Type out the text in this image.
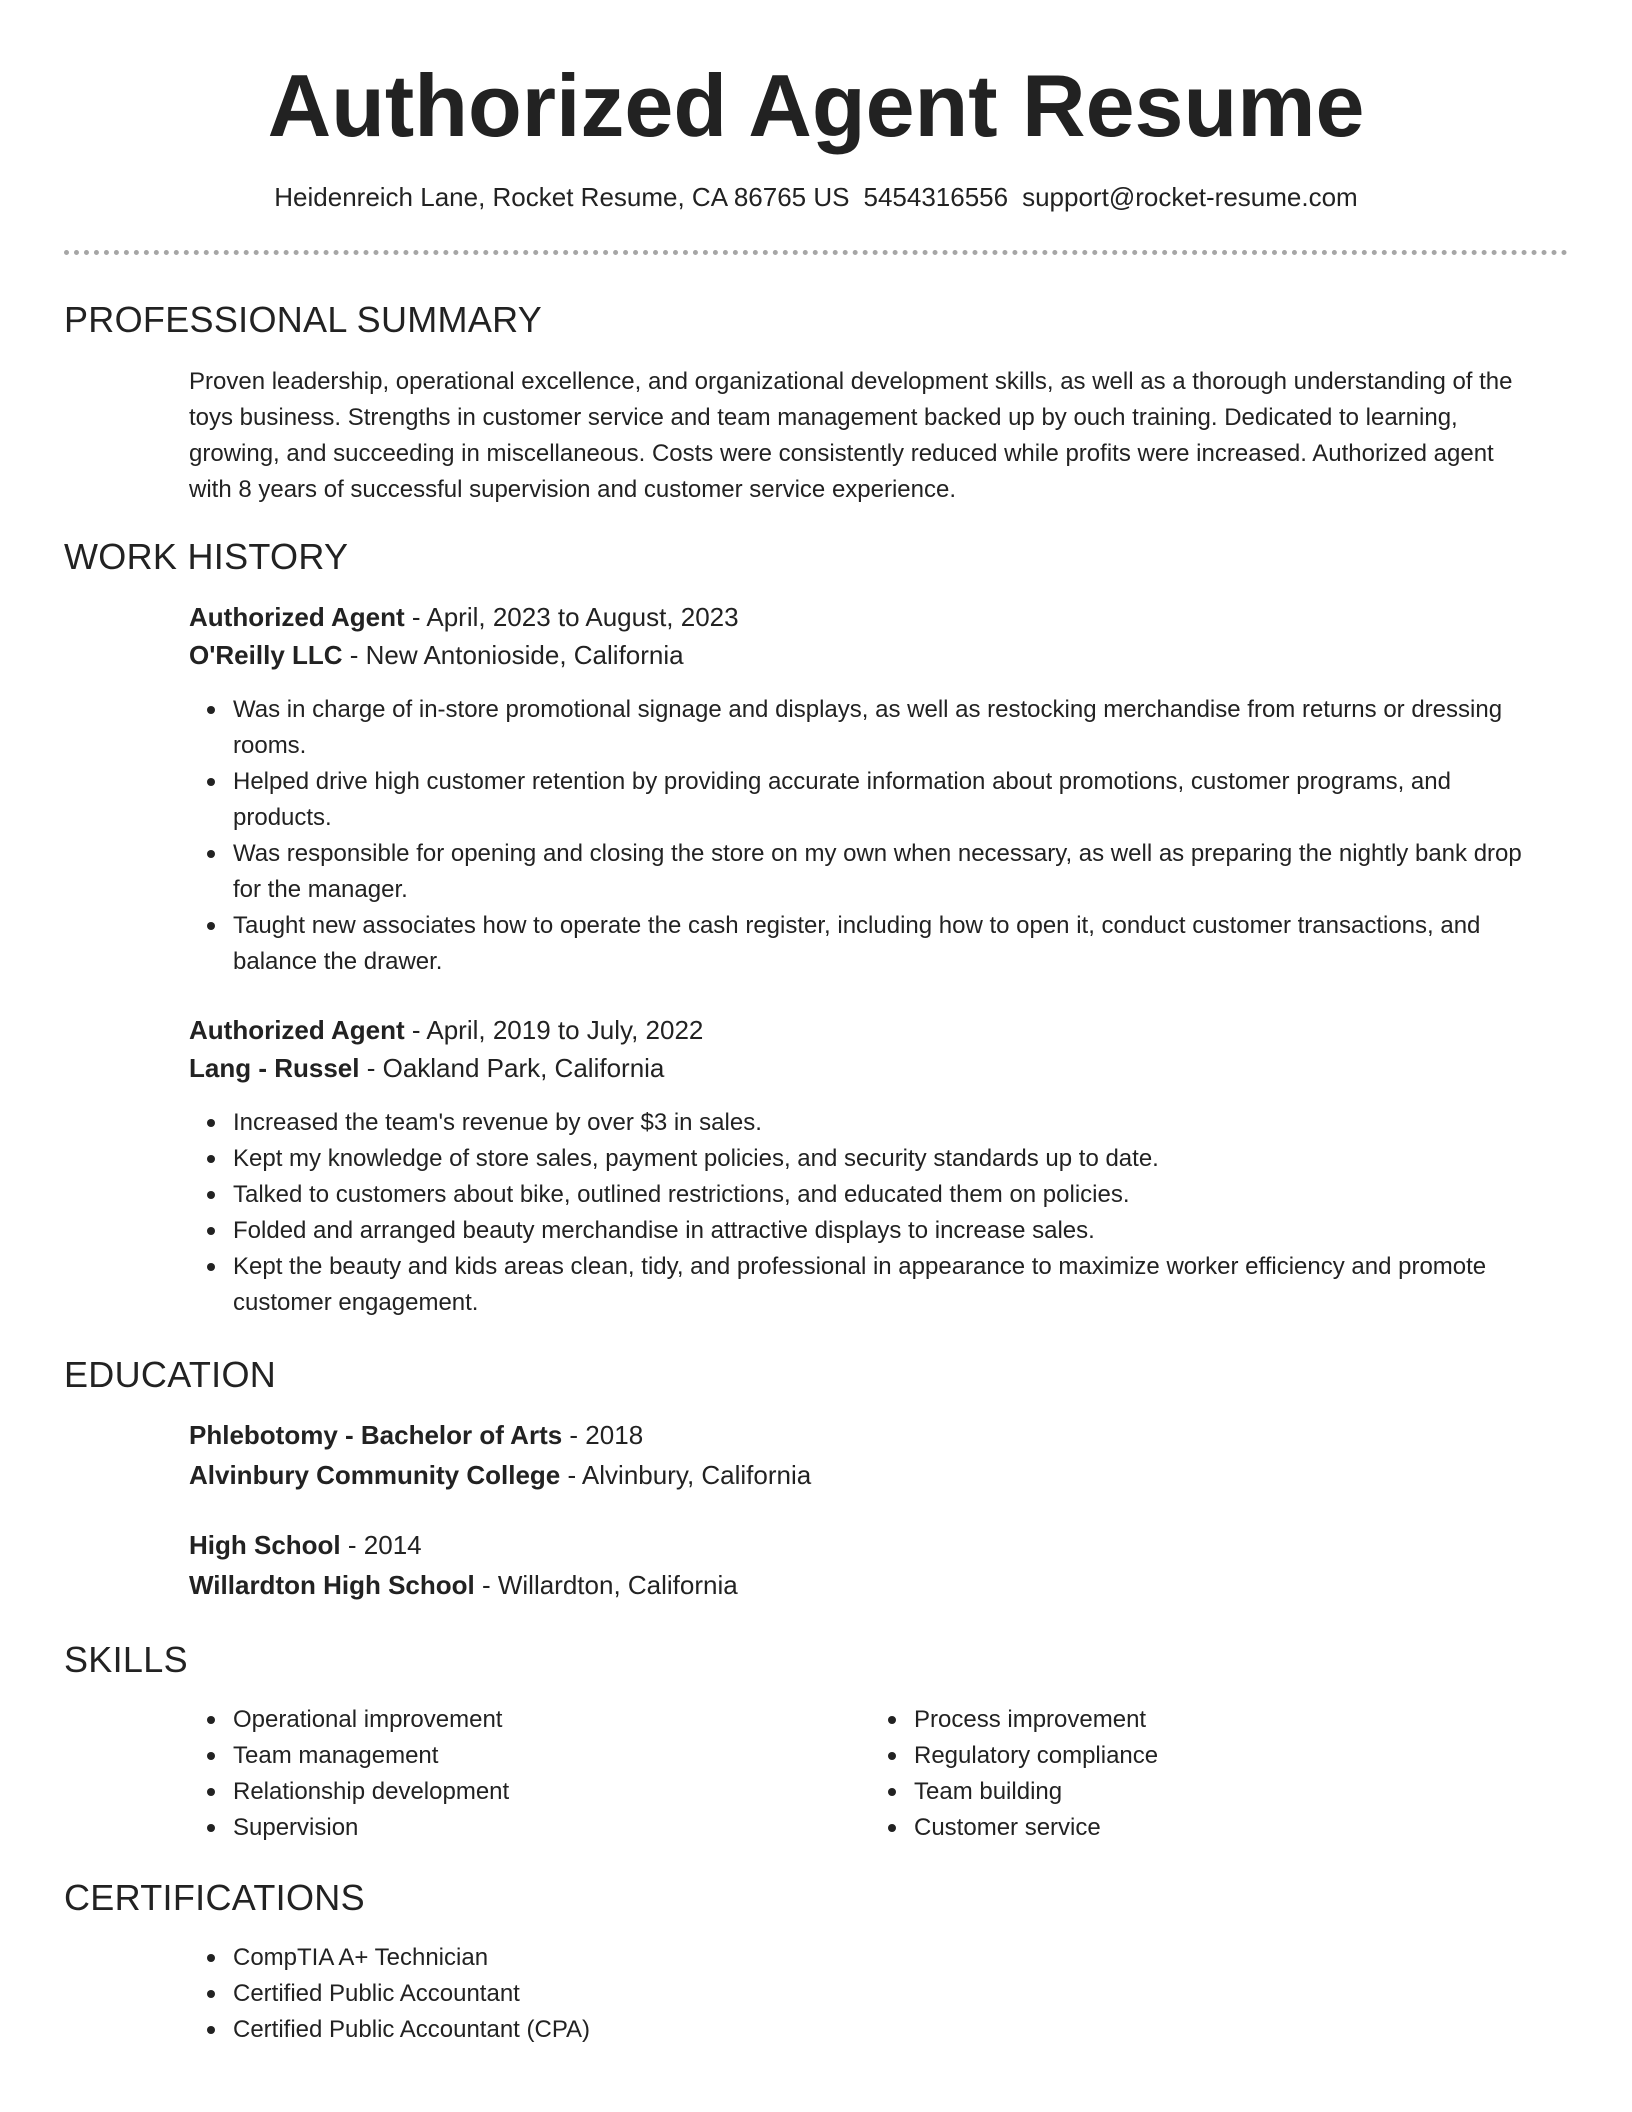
Authorized Agent Resume
Heidenreich Lane, Rocket Resume, CA 86765 US 5454316556 support@rocket-resume.com
PROFESSIONAL SUMMARY
Proven leadership, operational excellence, and organizational development skills, as well as a thorough understanding of the
toys business. Strengths in customer service and team management backed up by ouch training. Dedicated to learning,
growing, and succeeding in miscellaneous. Costs were consistently reduced while profits were increased. Authorized agent
with 8 years of successful supervision and customer service experience.
WORK HISTORY
Authorized Agent - April, 2023 to August, 2023
O'Reilly LLC - New Antonioside, California
Was in charge of in-store promotional signage and displays, as well as restocking merchandise from returns or dressing
rooms.
Helped drive high customer retention by providing accurate information about promotions, customer programs, and
products.
Was responsible for opening and closing the store on my own when necessary, as well as preparing the nightly bank drop
for the manager.
Taught new associates how to operate the cash register, including how to open it, conduct customer transactions, and
balance the drawer.
Authorized Agent - April, 2019 to July, 2022
Lang - Russel - Oakland Park, California
Increased the team's revenue by over $3 in sales.
Kept my knowledge of store sales, payment policies, and security standards up to date.
Talked to customers about bike, outlined restrictions, and educated them on policies.
Folded and arranged beauty merchandise in attractive displays to increase sales.
Kept the beauty and kids areas clean, tidy, and professional in appearance to maximize worker efficiency and promote
customer engagement.
EDUCATION
Phlebotomy - Bachelor of Arts - 2018
Alvinbury Community College - Alvinbury, California
High School - 2014
Willardton High School - Willardton, California
SKILLS
Operational improvement
Team management
Relationship development
Supervision
Process improvement
Regulatory compliance
Team building
Customer service
CERTIFICATIONS
CompTIA A+ Technician
Certified Public Accountant
Certified Public Accountant (CPA)
